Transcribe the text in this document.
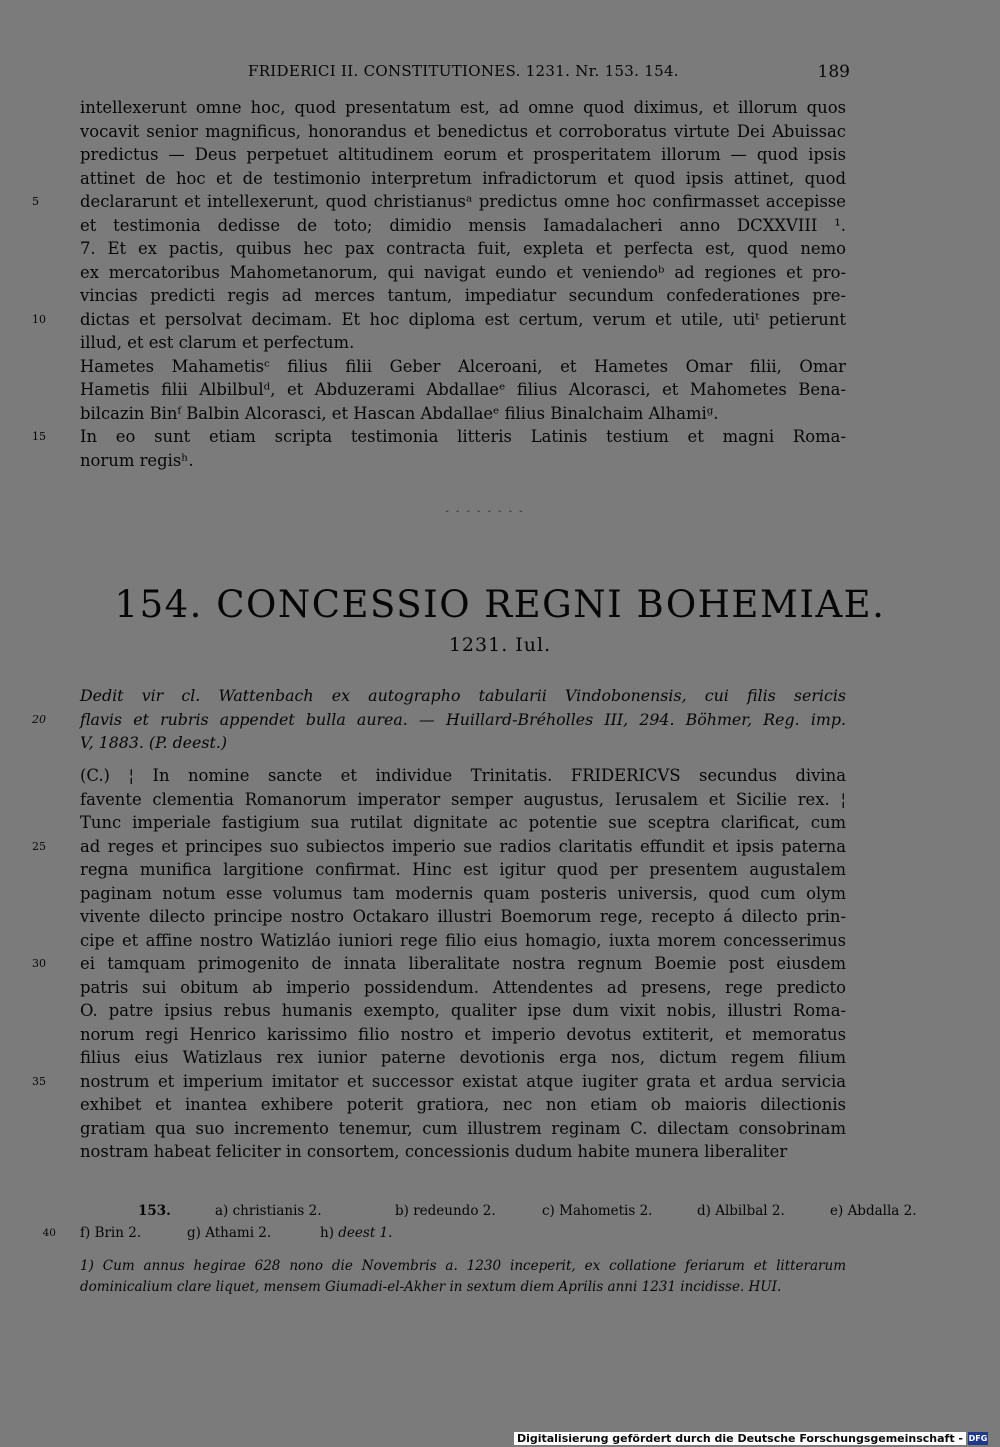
FRIDERICI II. CONSTITUTIONES. 1231. Nr. 153. 154.	189
intellexerunt omne hoc, quod presentatum est, ad omne quod diximus, et illorum quos
vocavit senior magnificus, honorandus et benedictus et corroboratus virtute Dei Abuissac
predictus — Deus perpetuet altitudinem eorum et prosperitatem illorum — quod ipsis
attinet de hoc et de testimonio interpretum infradictorum et quod ipsis attinet, quod
5	declararunt et intellexerunt, quod christianusᵃ predictus omne hoc confirmasset accepisse
et testimonia dedisse de toto; dimidio mensis Iamadalacheri anno DCXXVIII ¹.
7. Et ex pactis, quibus hec pax contracta fuit, expleta et perfecta est, quod nemo
ex mercatoribus Mahometanorum, qui navigat eundo et veniendoᵇ ad regiones et pro-
vincias predicti regis ad merces tantum, impediatur secundum confederationes pre-
10	dictas et persolvat decimam. Et hoc diploma est certum, verum et utile, utiᵗ petierunt
illud, et est clarum et perfectum.
Hametes Mahametisᶜ filius filii Geber Alceroani, et Hametes Omar filii, Omar
Hametis filii Albilbulᵈ, et Abduzerami Abdallaeᵉ filius Alcorasci, et Mahometes Bena-
bilcazin Binᶠ Balbin Alcorasci, et Hascan Abdallaeᵉ filius Binalchaim Alhamiᵍ.
15	In eo sunt etiam scripta testimonia litteris Latinis testium et magni Roma-
norum regisʰ.
- - - - - - - -
154. CONCESSIO REGNI BOHEMIAE.
1231. Iul.
Dedit vir cl. Wattenbach ex autographo tabularii Vindobonensis, cui filis sericis
20	flavis et rubris appendet bulla aurea. — Huillard-Bréholles III, 294. Böhmer, Reg. imp.
V, 1883. (P. deest.)
(C.) ¦ In nomine sancte et individue Trinitatis. FRIDERICVS secundus divina
favente clementia Romanorum imperator semper augustus, Ierusalem et Sicilie rex. ¦
Tunc imperiale fastigium sua rutilat dignitate ac potentie sue sceptra clarificat, cum
25	ad reges et principes suo subiectos imperio sue radios claritatis effundit et ipsis paterna
regna munifica largitione confirmat. Hinc est igitur quod per presentem augustalem
paginam notum esse volumus tam modernis quam posteris universis, quod cum olym
vivente dilecto principe nostro Octakaro illustri Boemorum rege, recepto á dilecto prin-
cipe et affine nostro Watizláo iuniori rege filio eius homagio, iuxta morem concesserimus
30	ei tamquam primogenito de innata liberalitate nostra regnum Boemie post eiusdem
patris sui obitum ab imperio possidendum. Attendentes ad presens, rege predicto
O. patre ipsius rebus humanis exempto, qualiter ipse dum vixit nobis, illustri Roma-
norum regi Henrico karissimo filio nostro et imperio devotus extiterit, et memoratus
filius eius Watizlaus rex iunior paterne devotionis erga nos, dictum regem filium
35	nostrum et imperium imitator et successor existat atque iugiter grata et ardua servicia
exhibet et inantea exhibere poterit gratiora, nec non etiam ob maioris dilectionis
gratiam qua suo incremento tenemur, cum illustrem reginam C. dilectam consobrinam
nostram habeat feliciter in consortem, concessionis dudum habite munera liberaliter
153.	a) christianis 2.	b) redeundo 2.	c) Mahometis 2.	d) Albilbal 2.	e) Abdalla 2.
40 f) Brin 2.	g) Athami 2.	h) deest 1.
1) Cum annus hegirae 628 nono die Novembris a. 1230 inceperit, ex collatione feriarum et litterarum
dominicalium clare liquet, mensem Giumadi-el-Akher in sextum diem Aprilis anni 1231 incidisse. HUI.
Digitalisierung gefördert durch die Deutsche Forschungsgemeinschaft - DFG
